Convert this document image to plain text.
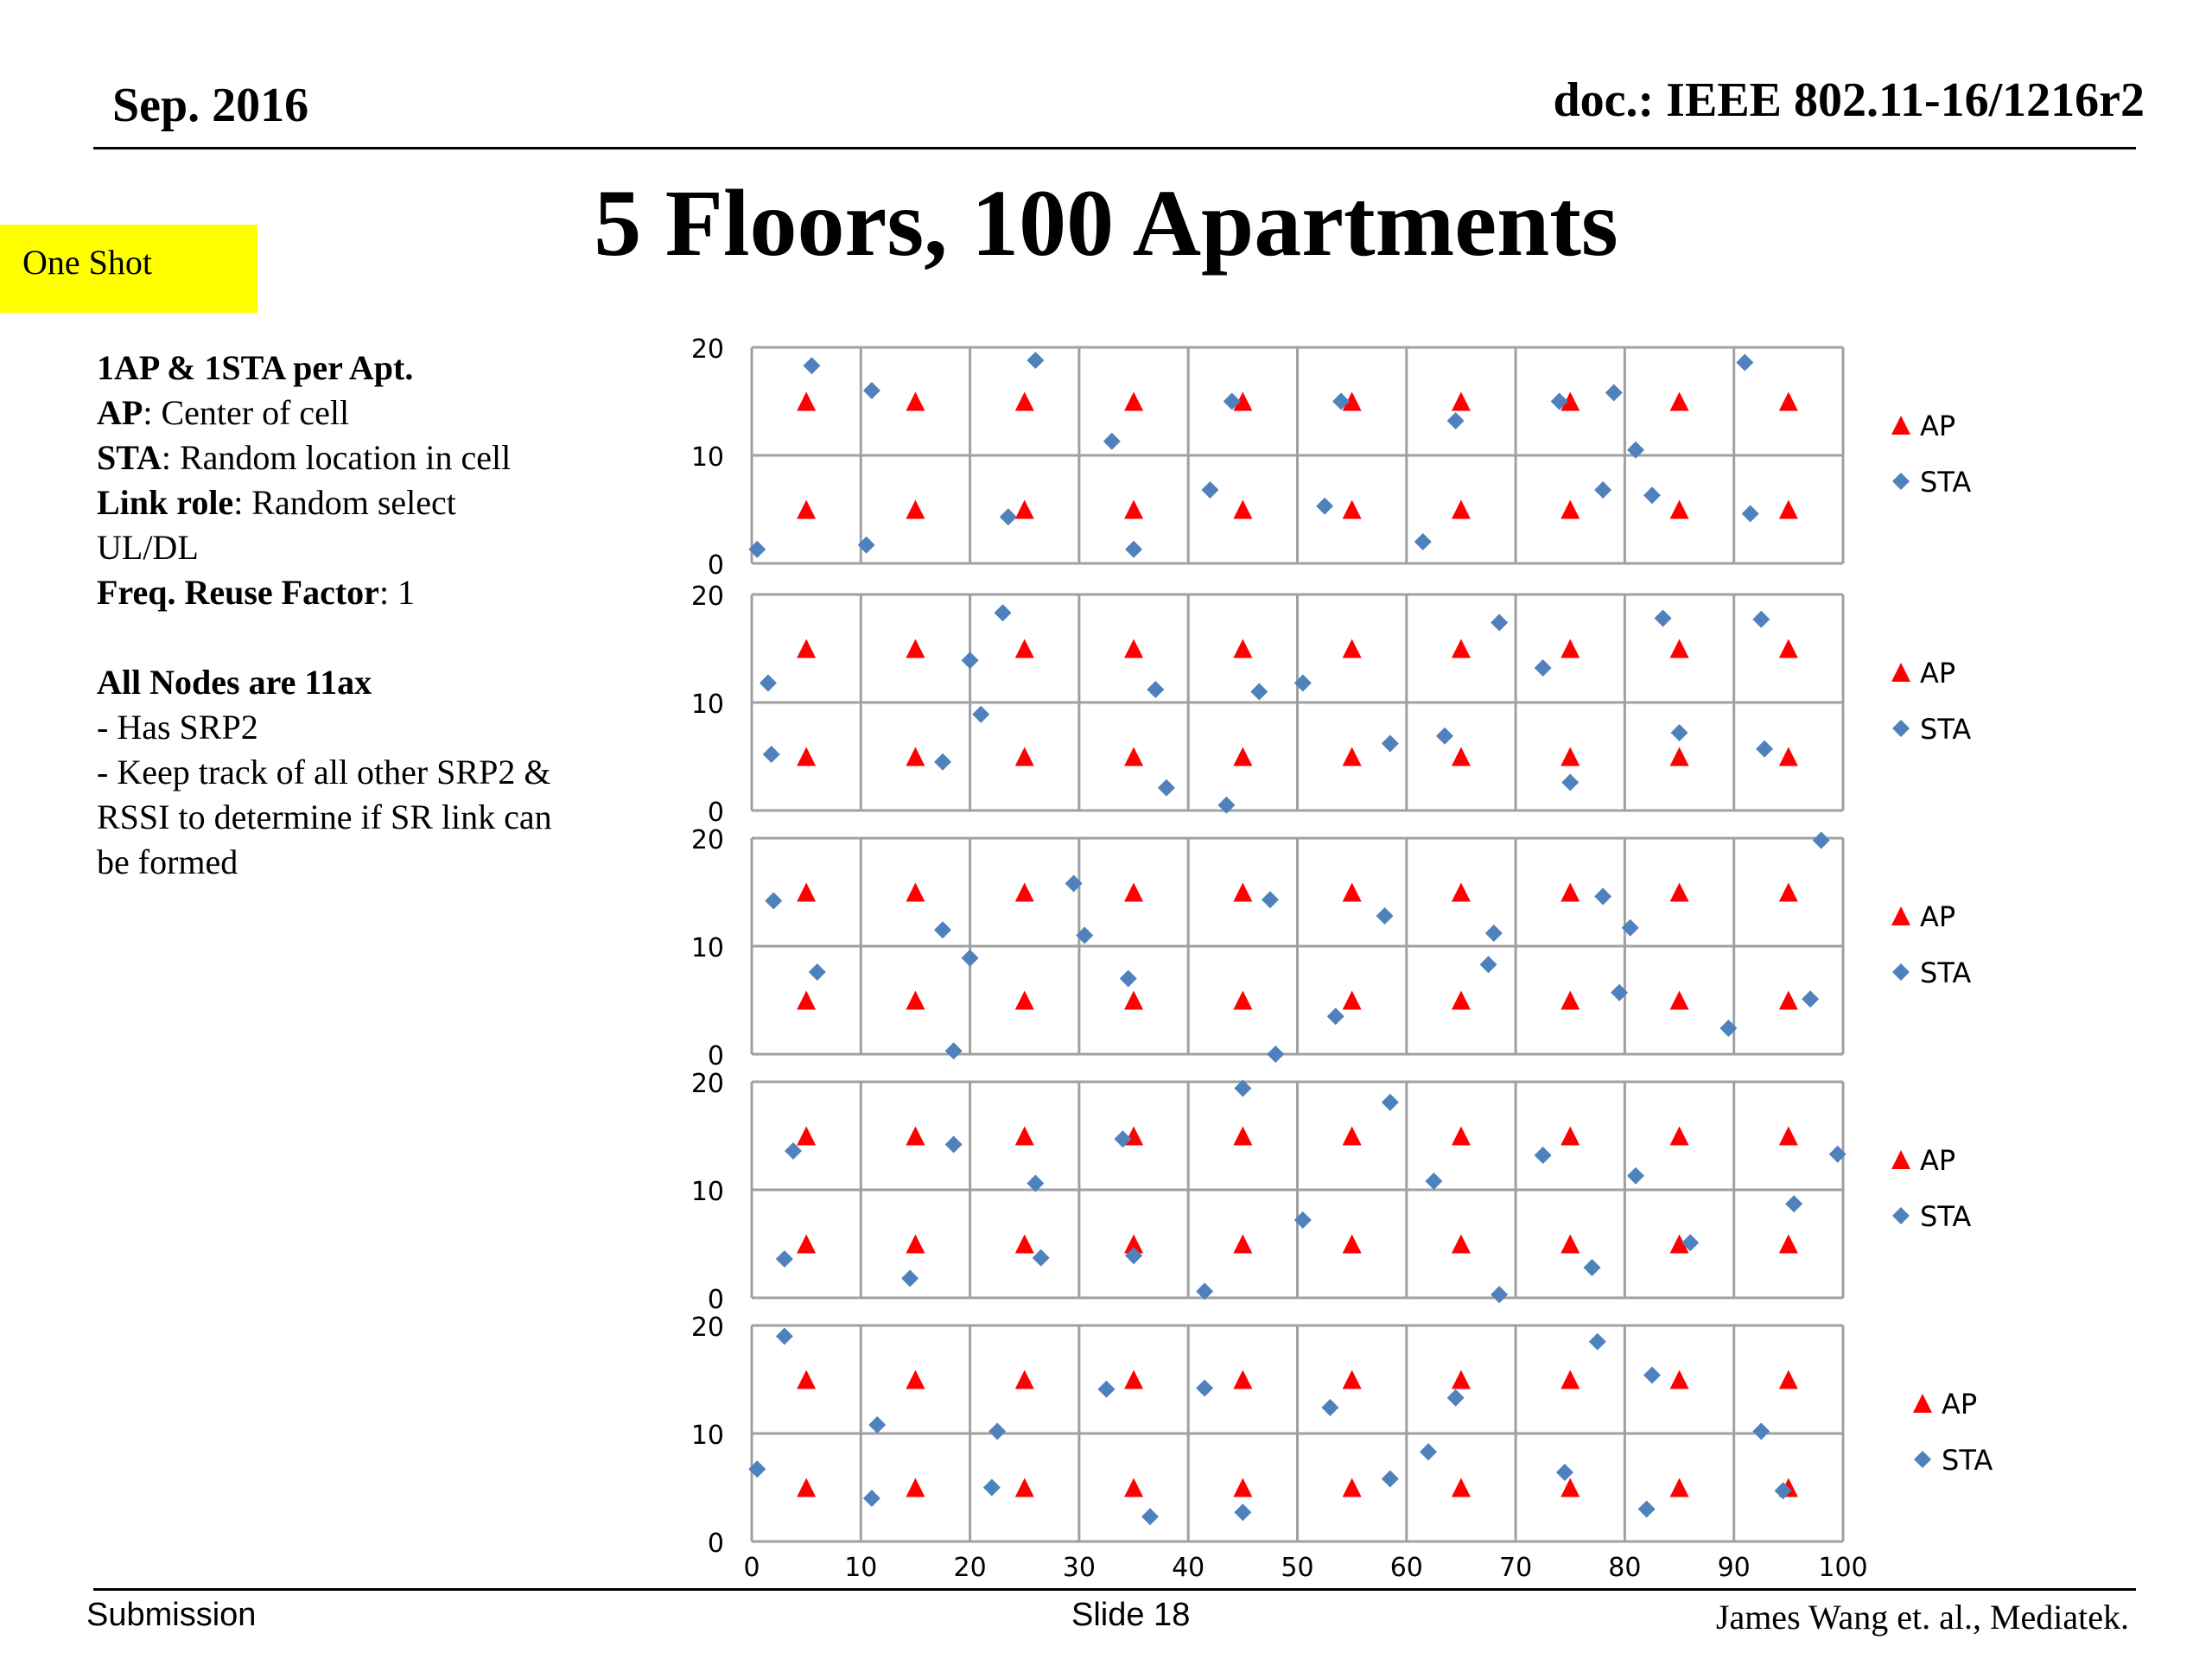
Sep. 2016	doc.: IEEE 802.11-16/1216r2
5 Floors, 100 Apartments
One Shot

1AP & 1STA per Apt.

AP: Center of cell

STA: Random location in cell

Link role: Random select

UL/DL

Freq. Reuse Factor: 1

All Nodes are 11ax

- Has SRP2

- Keep track of all other SRP2 &

RSSI to determine if SR link can

be formed

0
10
20
AP
STA
0
10
20
AP
STA
0
10
20
AP
STA
0
10
20
AP
STA
0
10
20
AP
STA
0	10	20	30	40	50	60	70	80	90	100
Submission	Slide 18	James Wang et. al., Mediatek.
